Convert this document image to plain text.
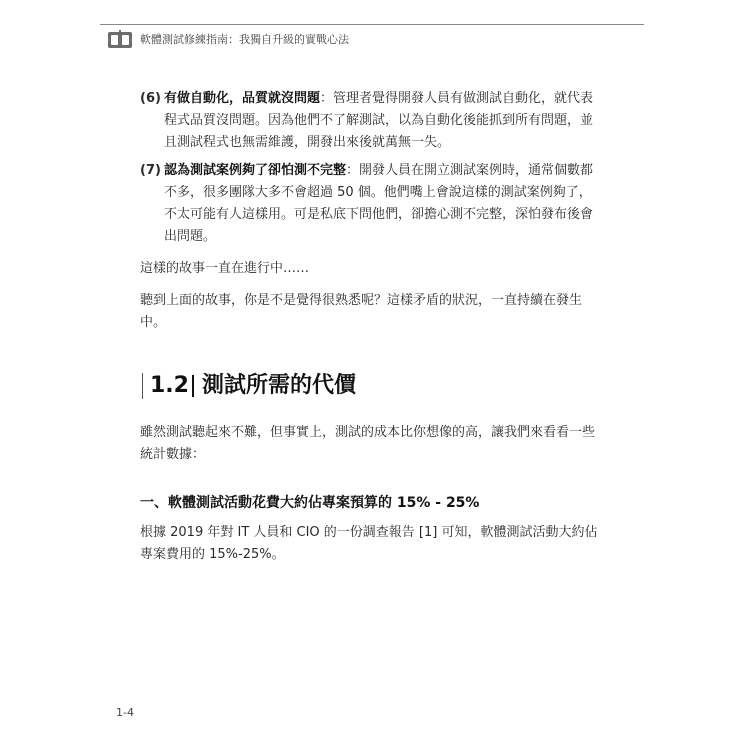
軟體測試修練指南：我獨自升級的實戰心法
(6) 有做自動化，品質就沒問題：管理者覺得開發人員有做測試自動化，就代表程式品質沒問題。因為他們不了解測試，以為自動化後能抓到所有問題，並且測試程式也無需維護，開發出來後就萬無一失。
(7) 認為測試案例夠了卻怕測不完整：開發人員在開立測試案例時，通常個數都不多，很多團隊大多不會超過 50 個。他們嘴上會說這樣的測試案例夠了，不太可能有人這樣用。可是私底下問他們，卻擔心測不完整，深怕發布後會出問題。
這樣的故事一直在進行中……
聽到上面的故事，你是不是覺得很熟悉呢？這樣矛盾的狀況，一直持續在發生中。
1.2 測試所需的代價
雖然測試聽起來不難，但事實上，測試的成本比你想像的高，讓我們來看看一些統計數據：
一、軟體測試活動花費大約佔專案預算的 15% - 25%
根據 2019 年對 IT 人員和 CIO 的一份調查報告 [1] 可知，軟體測試活動大約佔專案費用的 15%-25%。
1-4
